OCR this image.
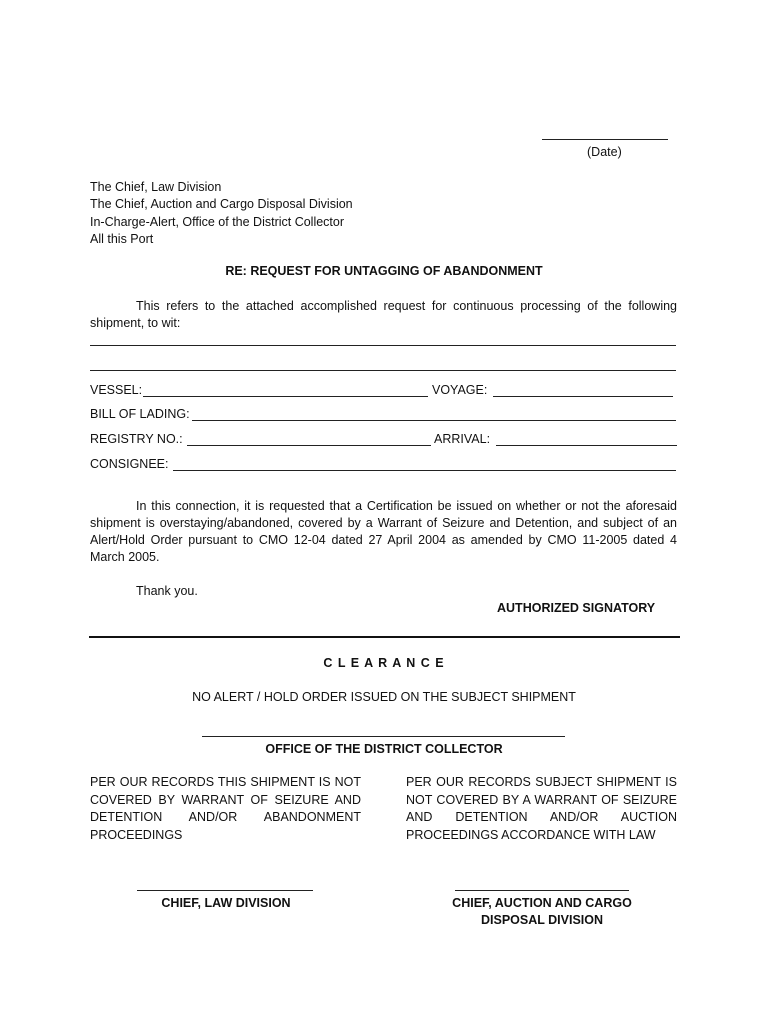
(Date)
The Chief, Law Division
The Chief, Auction and Cargo Disposal Division
In-Charge-Alert, Office of the District Collector
All this Port
RE: REQUEST FOR UNTAGGING OF ABANDONMENT
This refers to the attached accomplished request for continuous processing of the following shipment, to wit:
VESSEL:	VOYAGE:
BILL OF LADING:
REGISTRY NO.:	ARRIVAL:
CONSIGNEE:
In this connection, it is requested that a Certification be issued on whether or not the aforesaid shipment is overstaying/abandoned, covered by a Warrant of Seizure and Detention, and subject of an Alert/Hold Order pursuant to CMO 12-04 dated 27 April 2004 as amended by CMO 11-2005 dated 4 March 2005.
Thank you.
AUTHORIZED SIGNATORY
C L E A R A N C E
NO ALERT / HOLD ORDER ISSUED ON THE SUBJECT SHIPMENT
OFFICE OF THE DISTRICT COLLECTOR
PER OUR RECORDS THIS SHIPMENT IS NOT COVERED BY WARRANT OF SEIZURE AND DETENTION AND/OR ABANDONMENT PROCEEDINGS
PER OUR RECORDS SUBJECT SHIPMENT IS NOT COVERED BY A WARRANT OF SEIZURE AND DETENTION AND/OR AUCTION PROCEEDINGS ACCORDANCE WITH LAW
CHIEF, LAW DIVISION	CHIEF, AUCTION AND CARGO
DISPOSAL DIVISION
